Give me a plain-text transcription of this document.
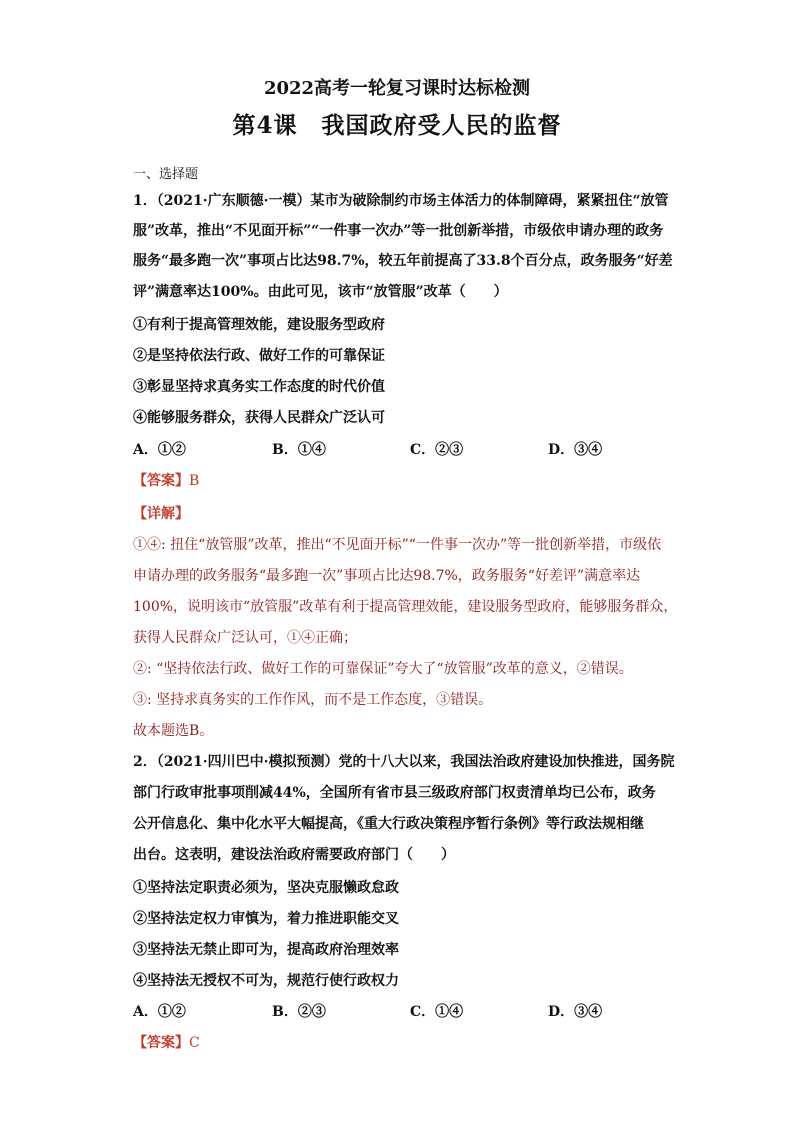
2022高考一轮复习课时达标检测
第4课 我国政府受人民的监督
一、选择题
1．（2021·广东顺德·一模）某市为破除制约市场主体活力的体制障碍，紧紧扭住“放管
服”改革，推出“不见面开标”“一件事一次办”等一批创新举措，市级依申请办理的政务
服务“最多跑一次”事项占比达98.7%，较五年前提高了33.8个百分点，政务服务“好差
评”满意率达100%。由此可见，该市“放管服”改革（　　）
①有利于提高管理效能，建设服务型政府
②是坚持依法行政、做好工作的可靠保证
③彰显坚持求真务实工作态度的时代价值
④能够服务群众，获得人民群众广泛认可
A．①②	B．①④	C．②③	D．③④
【答案】B
【详解】
①④: 扭住“放管服”改革，推出“不见面开标”“一件事一次办”等一批创新举措，市级依
申请办理的政务服务“最多跑一次”事项占比达98.7%，政务服务“好差评”满意率达
100%，说明该市“放管服”改革有利于提高管理效能，建设服务型政府，能够服务群众，
获得人民群众广泛认可，①④正确；
②: “坚持依法行政、做好工作的可靠保证”夸大了“放管服”改革的意义，②错误。
③: 坚持求真务实的工作作风，而不是工作态度，③错误。
故本题选B。
2．（2021·四川巴中·模拟预测）党的十八大以来，我国法治政府建设加快推进，国务院
部门行政审批事项削减44%，全国所有省市县三级政府部门权责清单均已公布，政务
公开信息化、集中化水平大幅提高，《重大行政决策程序暂行条例》等行政法规相继
出台。这表明，建设法治政府需要政府部门（　　）
①坚持法定职责必须为，坚决克服懒政怠政
②坚持法定权力审慎为，着力推进职能交叉
③坚持法无禁止即可为，提高政府治理效率
④坚持法无授权不可为，规范行使行政权力
A．①②	B．②③	C．①④	D．③④
【答案】C
